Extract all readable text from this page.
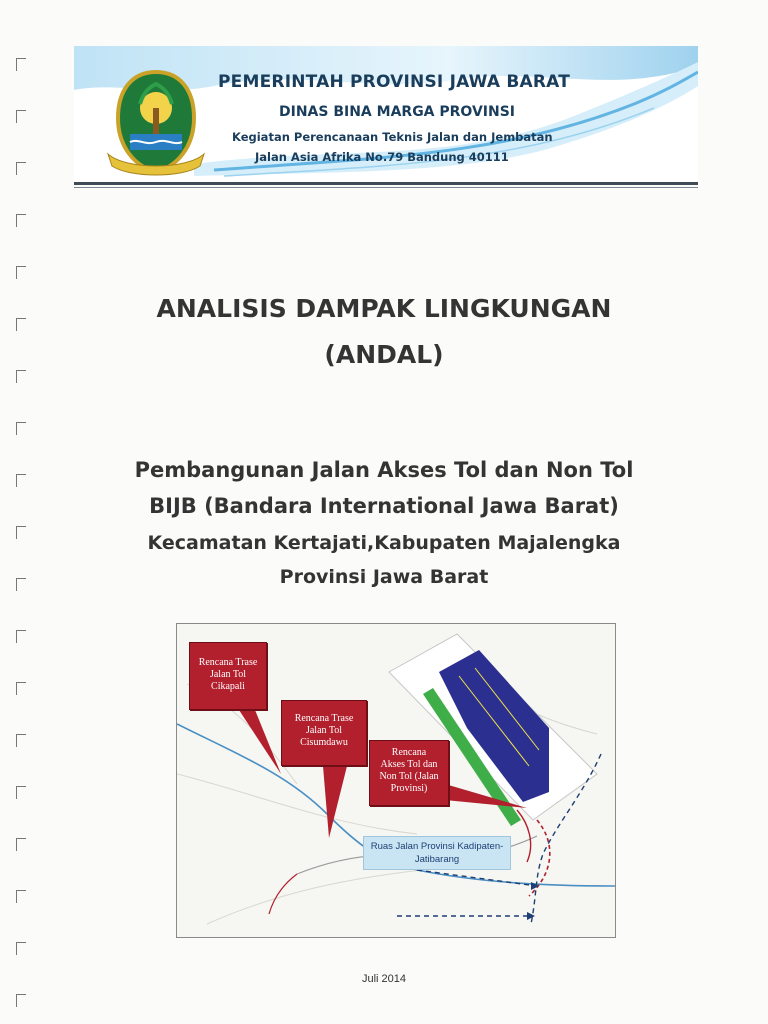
PEMERINTAH PROVINSI JAWA BARAT
DINAS BINA MARGA PROVINSI
Kegiatan Perencanaan Teknis Jalan dan Jembatan
Jalan Asia Afrika No.79 Bandung 40111
ANALISIS DAMPAK LINGKUNGAN
(ANDAL)
Pembangunan Jalan Akses Tol dan Non Tol
BIJB (Bandara International Jawa Barat)
Kecamatan Kertajati,Kabupaten Majalengka
Provinsi Jawa Barat
Rencana Trase
Jalan Tol
Cikapali
Rencana Trase
Jalan Tol
Cisumdawu
Rencana
Akses Tol dan
Non Tol (Jalan
Provinsi)
Ruas Jalan Provinsi Kadipaten-
Jatibarang
Juli 2014
